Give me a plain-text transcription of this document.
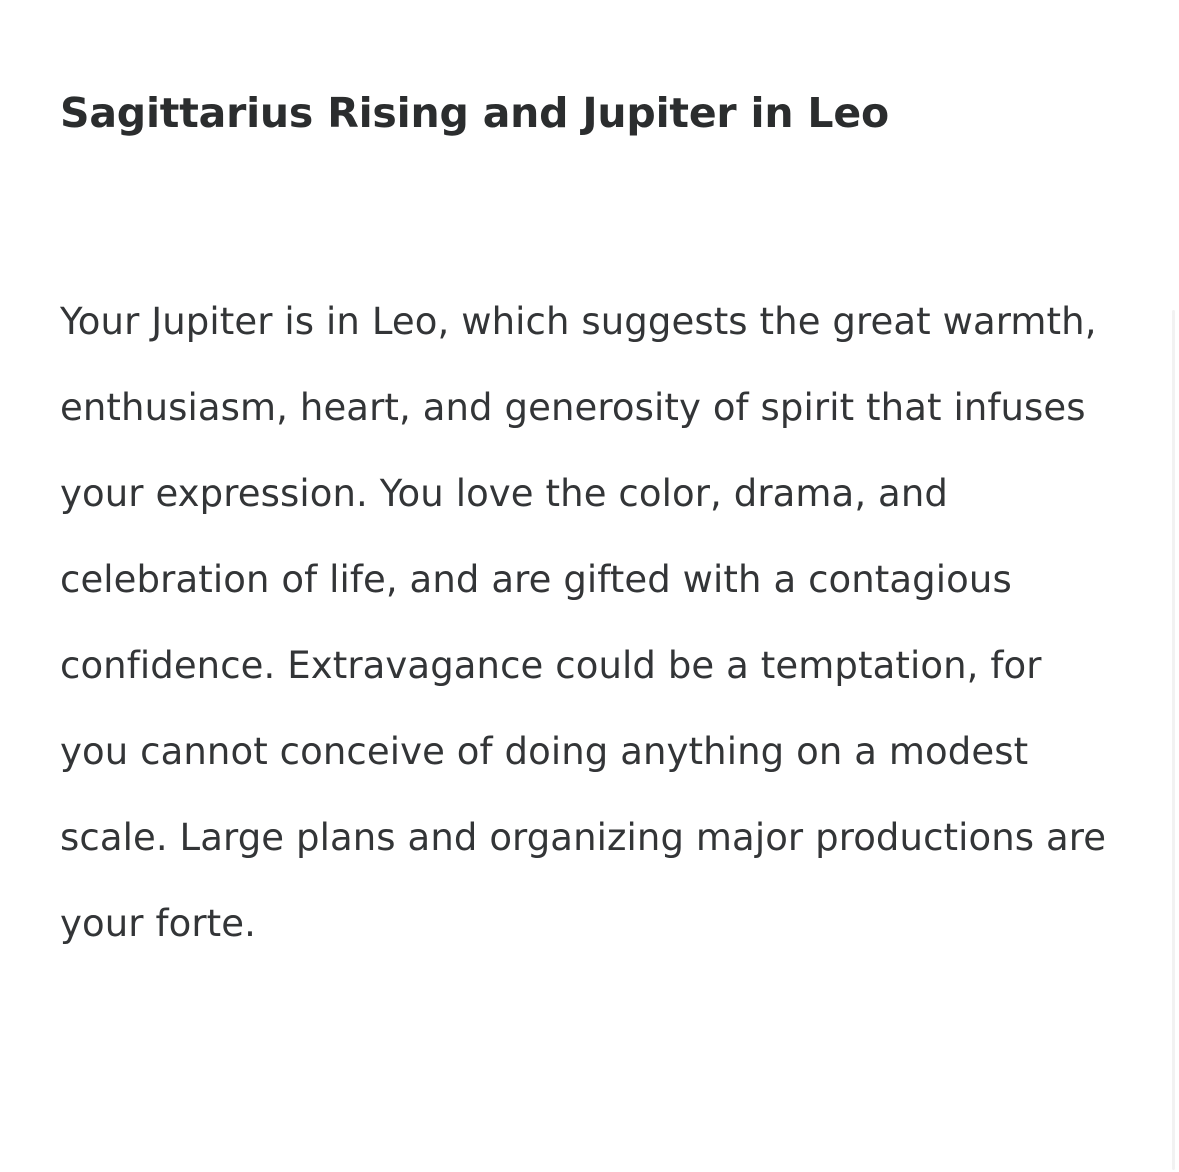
Sagittarius Rising and Jupiter in Leo

Your Jupiter is in Leo, which suggests the great warmth, enthusiasm, heart, and generosity of spirit that infuses your expression. You love the color, drama, and celebration of life, and are gifted with a contagious confidence. Extravagance could be a temptation, for you cannot conceive of doing anything on a modest scale. Large plans and organizing major productions are your forte.
